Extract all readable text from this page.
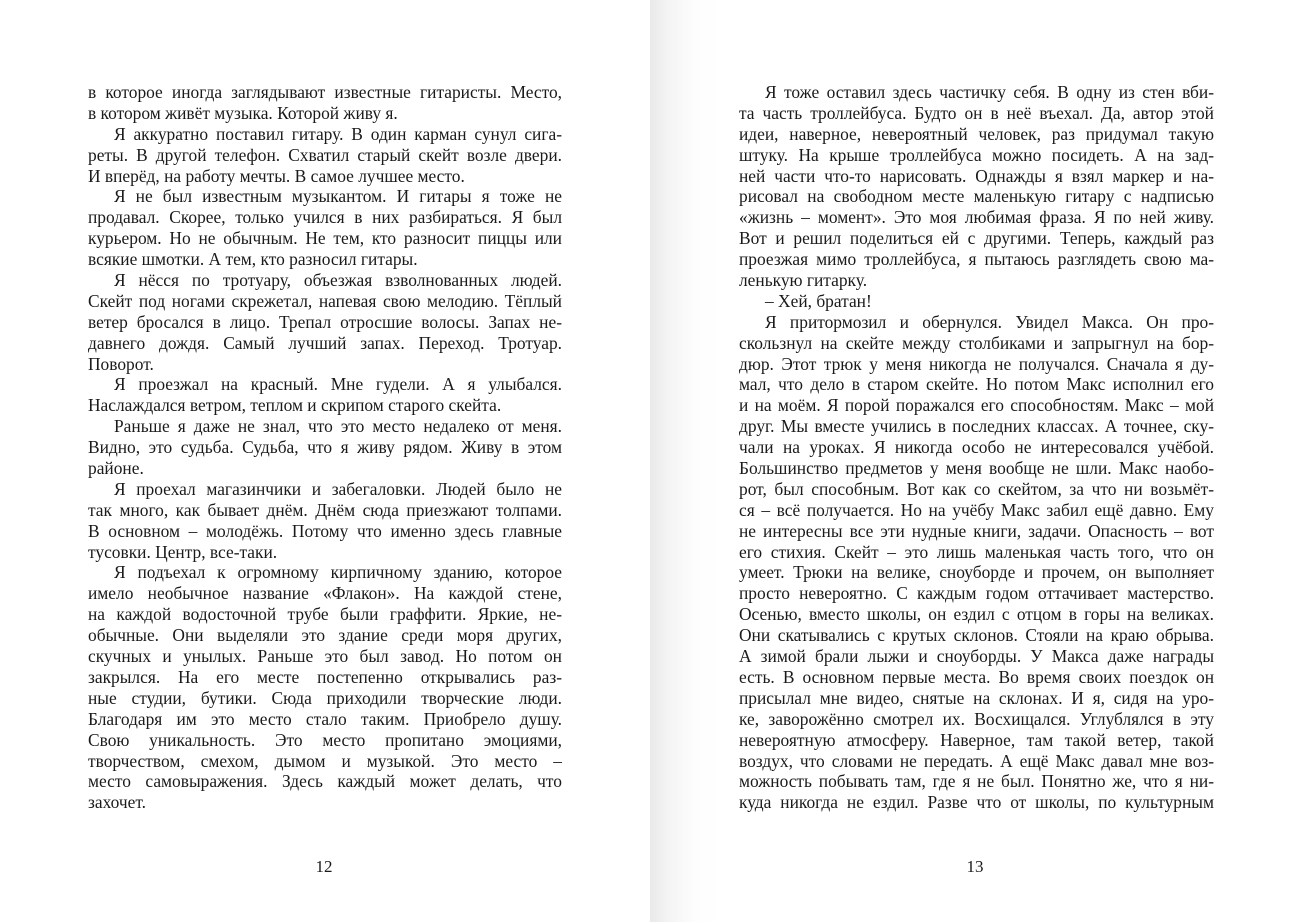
в которое иногда заглядывают известные гитаристы. Место,
в котором живёт музыка. Которой живу я.
Я аккуратно поставил гитару. В один карман сунул сига-
реты. В другой телефон. Схватил старый скейт возле двери.
И вперёд, на работу мечты. В самое лучшее место.
Я не был известным музыкантом. И гитары я тоже не
продавал. Скорее, только учился в них разбираться. Я был
курьером. Но не обычным. Не тем, кто разносит пиццы или
всякие шмотки. А тем, кто разносил гитары.
Я нёсся по тротуару, объезжая взволнованных людей.
Скейт под ногами скрежетал, напевая свою мелодию. Тёплый
ветер бросался в лицо. Трепал отросшие волосы. Запах не-
давнего дождя. Самый лучший запах. Переход. Тротуар.
Поворот.
Я проезжал на красный. Мне гудели. А я улыбался.
Наслаждался ветром, теплом и скрипом старого скейта.
Раньше я даже не знал, что это место недалеко от меня.
Видно, это судьба. Судьба, что я живу рядом. Живу в этом
районе.
Я проехал магазинчики и забегаловки. Людей было не
так много, как бывает днём. Днём сюда приезжают толпами.
В основном – молодёжь. Потому что именно здесь главные
тусовки. Центр, все-таки.
Я подъехал к огромному кирпичному зданию, которое
имело необычное название «Флакон». На каждой стене,
на каждой водосточной трубе были граффити. Яркие, не-
обычные. Они выделяли это здание среди моря других,
скучных и унылых. Раньше это был завод. Но потом он
закрылся. На его месте постепенно открывались раз-
ные студии, бутики. Сюда приходили творческие люди.
Благодаря им это место стало таким. Приобрело душу.
Свою уникальность. Это место пропитано эмоциями,
творчеством, смехом, дымом и музыкой. Это место –
место самовыражения. Здесь каждый может делать, что
захочет.
12
Я тоже оставил здесь частичку себя. В одну из стен вби-
та часть троллейбуса. Будто он в неё въехал. Да, автор этой
идеи, наверное, невероятный человек, раз придумал такую
штуку. На крыше троллейбуса можно посидеть. А на зад-
ней части что-то нарисовать. Однажды я взял маркер и на-
рисовал на свободном месте маленькую гитару с надписью
«жизнь – момент». Это моя любимая фраза. Я по ней живу.
Вот и решил поделиться ей с другими. Теперь, каждый раз
проезжая мимо троллейбуса, я пытаюсь разглядеть свою ма-
ленькую гитарку.
– Хей, братан!
Я притормозил и обернулся. Увидел Макса. Он про-
скользнул на скейте между столбиками и запрыгнул на бор-
дюр. Этот трюк у меня никогда не получался. Сначала я ду-
мал, что дело в старом скейте. Но потом Макс исполнил его
и на моём. Я порой поражался его способностям. Макс – мой
друг. Мы вместе учились в последних классах. А точнее, ску-
чали на уроках. Я никогда особо не интересовался учёбой.
Большинство предметов у меня вообще не шли. Макс наобо-
рот, был способным. Вот как со скейтом, за что ни возьмёт-
ся – всё получается. Но на учёбу Макс забил ещё давно. Ему
не интересны все эти нудные книги, задачи. Опасность – вот
его стихия. Скейт – это лишь маленькая часть того, что он
умеет. Трюки на велике, сноуборде и прочем, он выполняет
просто невероятно. С каждым годом оттачивает мастерство.
Осенью, вместо школы, он ездил с отцом в горы на великах.
Они скатывались с крутых склонов. Стояли на краю обрыва.
А зимой брали лыжи и сноуборды. У Макса даже награды
есть. В основном первые места. Во время своих поездок он
присылал мне видео, снятые на склонах. И я, сидя на уро-
ке, заворожённо смотрел их. Восхищался. Углублялся в эту
невероятную атмосферу. Наверное, там такой ветер, такой
воздух, что словами не передать. А ещё Макс давал мне воз-
можность побывать там, где я не был. Понятно же, что я ни-
куда никогда не ездил. Разве что от школы, по культурным
13
